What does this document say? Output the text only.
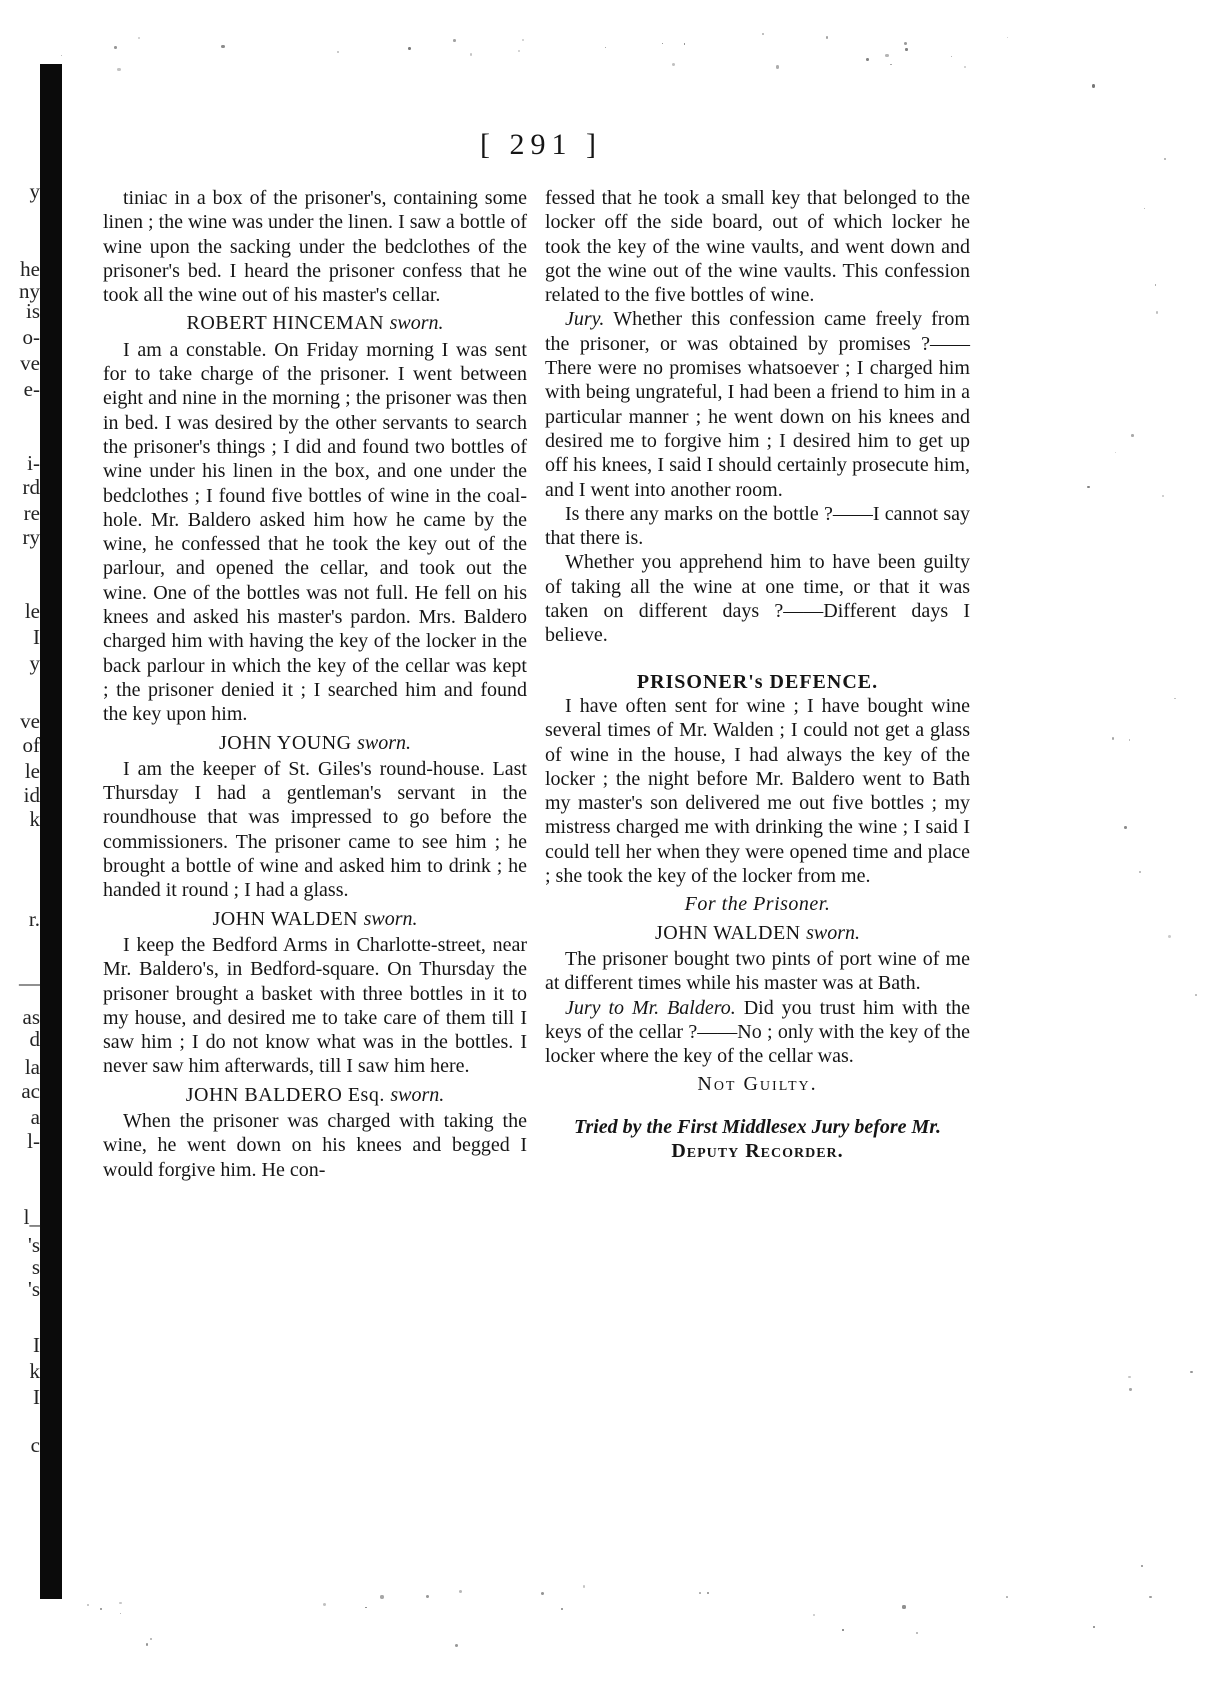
y
he
ny
is
o-
ve
e-
i-
rd
re
ry
le
I
y
ve
of
le
id
k
r.
—
as
d
la
ac
a
l-
l_
's
s
's
I
k
I
c
[ 291 ]

tiniac in a box of the prisoner's, containing some linen ; the wine was under the linen. I saw a bottle of wine upon the sacking under the bedclothes of the prisoner's bed. I heard the prisoner confess that he took all the wine out of his master's cellar.

ROBERT HINCEMAN sworn.

I am a constable. On Friday morning I was sent for to take charge of the prisoner. I went between eight and nine in the morning ; the prisoner was then in bed. I was desired by the other servants to search the prisoner's things ; I did and found two bottles of wine under his linen in the box, and one under the bedclothes ; I found five bottles of wine in the coal-hole. Mr. Baldero asked him how he came by the wine, he confessed that he took the key out of the parlour, and opened the cellar, and took out the wine. One of the bottles was not full. He fell on his knees and asked his master's pardon. Mrs. Baldero charged him with having the key of the locker in the back parlour in which the key of the cellar was kept ; the prisoner denied it ; I searched him and found the key upon him.

JOHN YOUNG sworn.

I am the keeper of St. Giles's round-house. Last Thursday I had a gentleman's servant in the roundhouse that was impressed to go before the commissioners. The prisoner came to see him ; he brought a bottle of wine and asked him to drink ; he handed it round ; I had a glass.

JOHN WALDEN sworn.

I keep the Bedford Arms in Charlotte-street, near Mr. Baldero's, in Bedford-square. On Thursday the prisoner brought a basket with three bottles in it to my house, and desired me to take care of them till I saw him ; I do not know what was in the bottles. I never saw him afterwards, till I saw him here.

JOHN BALDERO Esq. sworn.

When the prisoner was charged with taking the wine, he went down on his knees and begged I would forgive him. He con-

fessed that he took a small key that belonged to the locker off the side board, out of which locker he took the key of the wine vaults, and went down and got the wine out of the wine vaults. This confession related to the five bottles of wine.

Jury. Whether this confession came freely from the prisoner, or was obtained by promises ?——There were no promises whatsoever ; I charged him with being ungrateful, I had been a friend to him in a particular manner ; he went down on his knees and desired me to forgive him ; I desired him to get up off his knees, I said I should certainly prosecute him, and I went into another room.

Is there any marks on the bottle ?——I cannot say that there is.

Whether you apprehend him to have been guilty of taking all the wine at one time, or that it was taken on different days ?——Different days I believe.

PRISONER's DEFENCE.

I have often sent for wine ; I have bought wine several times of Mr. Walden ; I could not get a glass of wine in the house, I had always the key of the locker ; the night before Mr. Baldero went to Bath my master's son delivered me out five bottles ; my mistress charged me with drinking the wine ; I said I could tell her when they were opened time and place ; she took the key of the locker from me.

For the Prisoner.

JOHN WALDEN sworn.

The prisoner bought two pints of port wine of me at different times while his master was at Bath.

Jury to Mr. Baldero. Did you trust him with the keys of the cellar ?——No ; only with the key of the locker where the key of the cellar was.

Not Guilty.

Tried by the First Middlesex Jury before Mr.

Deputy Recorder.
